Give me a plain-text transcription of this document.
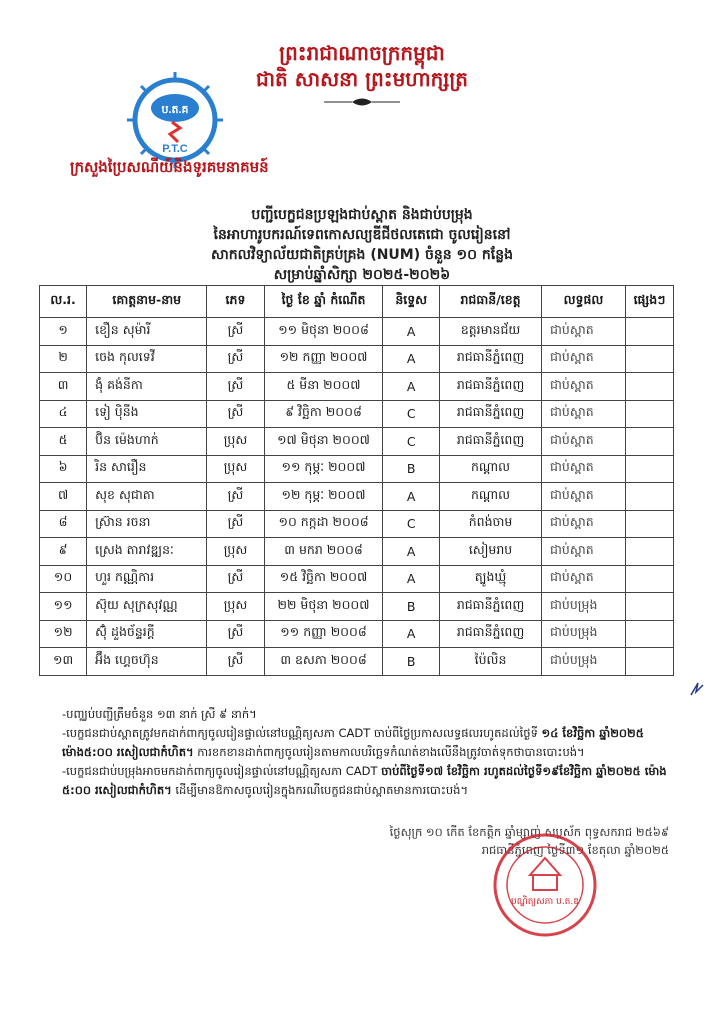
ព្រះរាជាណាចក្រកម្ពុជា
ជាតិ សាសនា ព្រះមហាក្សត្រ
ប.ត.គ
P.T.C
ក្រសួងប្រៃសណីយ៍និងទូរគមនាគមន៍
បញ្ជីបេក្ខជនប្រឡងជាប់ស្ពាត និងជាប់បម្រុង
នៃអាហារូបករណ៍ទេពកោសល្យឌីជីថលតេជោ ចូលរៀននៅ
សាកលវិទ្យាល័យជាតិគ្រប់គ្រង (NUM) ចំនួន ១០ កន្លែង
សម្រាប់ឆ្នាំសិក្សា ២០២៥-២០២៦
ល.រ.	គោត្តនាម-នាម	ភេទ	ថ្ងៃ ខែ ឆ្នាំ កំណើត	និទ្ទេស	រាជធានី/ខេត្ត	លទ្ធផល	ផ្សេងៗ
១	ខឿន សុម៉ារី	ស្រី	១១ មិថុនា ២០០៨	A	ឧត្តរមានជ័យ	ជាប់ស្ពាត	
២	ចេង កុលទេវី	ស្រី	១២ កញ្ញា ២០០៧	A	រាជធានីភ្នំពេញ	ជាប់ស្ពាត	
៣	ង៉ុំ គង់នីកា	ស្រី	៥ មីនា ២០០៧	A	រាជធានីភ្នំពេញ	ជាប់ស្ពាត	
៤	ទៀ ប៉ិនីង	ស្រី	៩ វិច្ឆិកា ២០០៨	C	រាជធានីភ្នំពេញ	ជាប់ស្ពាត	
៥	ប៊ិន ម៉េងហាក់	ប្រុស	១៧ មិថុនា ២០០៧	C	រាជធានីភ្នំពេញ	ជាប់ស្ពាត	
៦	រិន សារឿន	ប្រុស	១១ កុម្ភៈ ២០០៧	B	កណ្តាល	ជាប់ស្ពាត	
៧	សុខ សុជាតា	ស្រី	១២ កុម្ភៈ ២០០៧	A	កណ្តាល	ជាប់ស្ពាត	
៨	ស្រ៊ាន រចនា	ស្រី	១០ កក្កដា ២០០៨	C	កំពង់ចាម	ជាប់ស្ពាត	
៩	ស្រេង តារាវឌ្ឍនៈ	ប្រុស	៣ មករា ២០០៨	A	សៀមរាប	ជាប់ស្ពាត	
១០	ហួរ កណ្ណិការ	ស្រី	១៥ វិច្ឆិកា ២០០៧	A	ត្បូងឃ្មុំ	ជាប់ស្ពាត	
១១	ស៊ុយ សុក្រសុវណ្ណ	ប្រុស	២២ មិថុនា ២០០៧	B	រាជធានីភ្នំពេញ	ជាប់បម្រុង	
១២	ស៊ុំ ដួងច័ន្ទរក្តី	ស្រី	១១ កញ្ញា ២០០៨	A	រាជធានីភ្នំពេញ	ជាប់បម្រុង	
១៣	អ៊ឹង ហ្គេចហ៊ុន	ស្រី	៣ ឧសភា ២០០៨	B	ប៉ៃលិន	ជាប់បម្រុង	
-បញ្ឈប់បញ្ជីត្រឹមចំនួន ១៣ នាក់ ស្រី ៩ នាក់។
-បេក្ខជនជាប់ស្ពាតត្រូវមកដាក់ពាក្យចូលរៀនផ្ទាល់នៅបណ្ណិត្យសភា CADT ចាប់ពីថ្ងៃប្រកាសលទ្ធផលរហូតដល់ថ្ងៃទី ១៤ ខែវិច្ឆិកា ឆ្នាំ២០២៥ ម៉ោង៥:០០ រសៀលជាកំហិត។ ការខកខានដាក់ពាក្យចូលរៀនតាមកាលបរិច្ឆេទកំណត់ខាងលើនឹងត្រូវចាត់ទុកថាបានបោះបង់។
-បេក្ខជនជាប់បម្រុងអាចមកដាក់ពាក្យចូលរៀនផ្ទាល់នៅបណ្ណិត្យសភា CADT ចាប់ពីថ្ងៃទី១៧ ខែវិច្ឆិកា រហូតដល់ថ្ងៃទី១៩ខែវិច្ឆិកា ឆ្នាំ២០២៥ ម៉ោង ៥:០០ រសៀលជាកំហិត។ ដើម្បីមានឱកាសចូលរៀនក្នុងករណីបេក្ខជនជាប់ស្ពាតមានការបោះបង់។
ថ្ងៃសុក្រ ១០ កើត ខែកត្តិក ឆ្នាំម្សាញ់ សប្តស័ក ពុទ្ធសករាជ ២៥៦៩
រាជធានីភ្នំពេញ ថ្ងៃទី៣១ ខែតុលា ឆ្នាំ២០២៥
បណ្ឌិត្យសភា ប.ត.ឌ
